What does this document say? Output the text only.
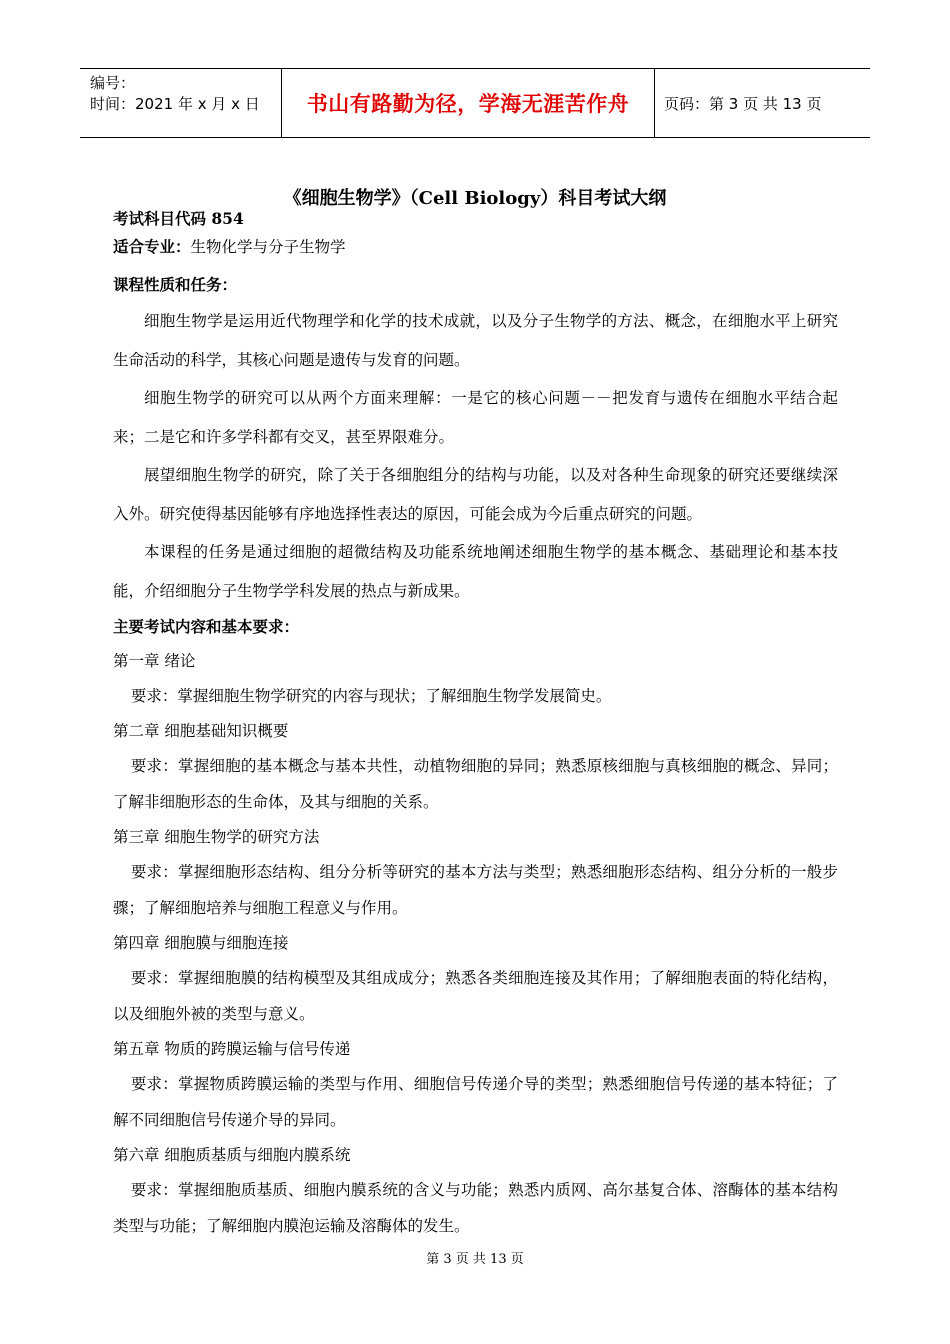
编号：
时间：2021 年 x 月 x 日 书山有路勤为径，学海无涯苦作舟 页码：第 3 页 共 13 页
《细胞生物学》（Cell Biology）科目考试大纲
考试科目代码 854
适合专业：生物化学与分子生物学
课程性质和任务：
细胞生物学是运用近代物理学和化学的技术成就，以及分子生物学的方法、概念，在细胞水平上研究生命活动的科学，其核心问题是遗传与发育的问题。
细胞生物学的研究可以从两个方面来理解：一是它的核心问题－－把发育与遗传在细胞水平结合起来；二是它和许多学科都有交叉，甚至界限难分。
展望细胞生物学的研究，除了关于各细胞组分的结构与功能，以及对各种生命现象的研究还要继续深入外。研究使得基因能够有序地选择性表达的原因，可能会成为今后重点研究的问题。
本课程的任务是通过细胞的超微结构及功能系统地阐述细胞生物学的基本概念、基础理论和基本技能，介绍细胞分子生物学学科发展的热点与新成果。
主要考试内容和基本要求：
第一章 绪论
要求：掌握细胞生物学研究的内容与现状；了解细胞生物学发展简史。
第二章 细胞基础知识概要
要求：掌握细胞的基本概念与基本共性，动植物细胞的异同；熟悉原核细胞与真核细胞的概念、异同；了解非细胞形态的生命体，及其与细胞的关系。
第三章 细胞生物学的研究方法
要求：掌握细胞形态结构、组分分析等研究的基本方法与类型；熟悉细胞形态结构、组分分析的一般步骤；了解细胞培养与细胞工程意义与作用。
第四章 细胞膜与细胞连接
要求：掌握细胞膜的结构模型及其组成成分；熟悉各类细胞连接及其作用；了解细胞表面的特化结构，以及细胞外被的类型与意义。
第五章 物质的跨膜运输与信号传递
要求：掌握物质跨膜运输的类型与作用、细胞信号传递介导的类型；熟悉细胞信号传递的基本特征；了解不同细胞信号传递介导的异同。
第六章 细胞质基质与细胞内膜系统
要求：掌握细胞质基质、细胞内膜系统的含义与功能；熟悉内质网、高尔基复合体、溶酶体的基本结构类型与功能；了解细胞内膜泡运输及溶酶体的发生。
第 3 页 共 13 页
